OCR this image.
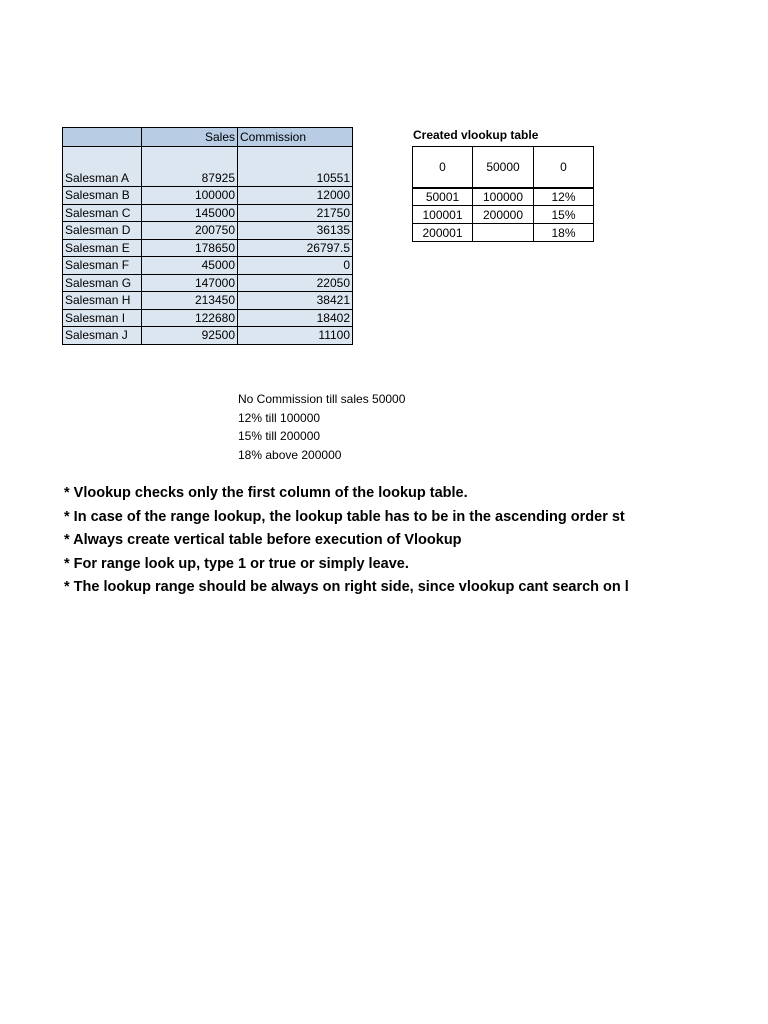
	Sales	Commission
Salesman A	87925	10551
Salesman B	100000	12000
Salesman C	145000	21750
Salesman D	200750	36135
Salesman E	178650	26797.5
Salesman F	45000	0
Salesman G	147000	22050
Salesman H	213450	38421
Salesman I	122680	18402
Salesman J	92500	11100
Created vlookup table
0	50000	0
50001	100000	12%
100001	200000	15%
200001		18%
No Commission till sales 50000
12% till 100000
15% till 200000
18% above 200000
* Vlookup checks only the first column of the lookup table.
* In case of the range lookup, the lookup table has to be in the ascending order st
* Always create vertical table before execution of Vlookup
* For range look up, type 1 or true or simply leave.
* The lookup range should be always on right side, since vlookup cant search on l
